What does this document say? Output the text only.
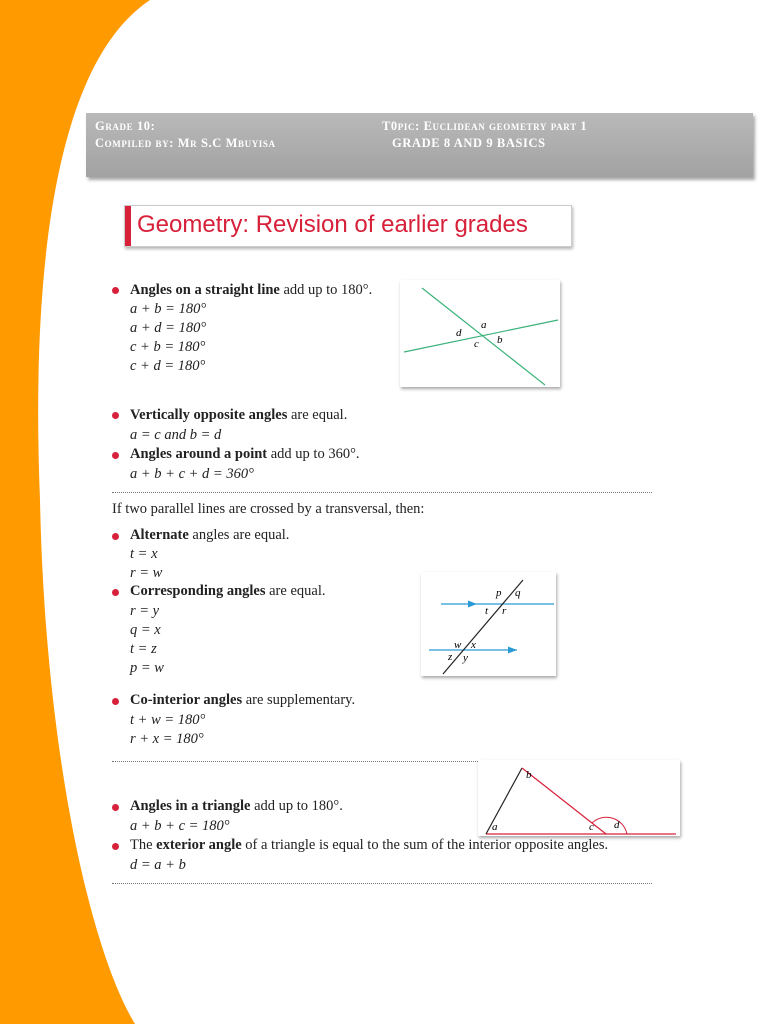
Grade 10:
Compiled by: Mr S.C Mbuyisa
T0pic: Euclidean geometry part 1
GRADE 8 AND 9 BASICS
Geometry: Revision of earlier grades
Angles on a straight line add up to 180°.
a + b = 180°
a + d = 180°
c + b = 180°
c + d = 180°
Vertically opposite angles are equal.
a = c and b = d
Angles around a point add up to 360°.
a + b + c + d = 360°
If two parallel lines are crossed by a transversal, then:
Alternate angles are equal.
t = x
r = w
Corresponding angles are equal.
r = y
q = x
t = z
p = w
Co-interior angles are supplementary.
t + w = 180°
r + x = 180°
Angles in a triangle add up to 180°.
a + b + c = 180°
The exterior angle of a triangle is equal to the sum of the interior opposite angles.
d = a + b
d
a
c b
p q
t r
w x
z y
b
a	c d
